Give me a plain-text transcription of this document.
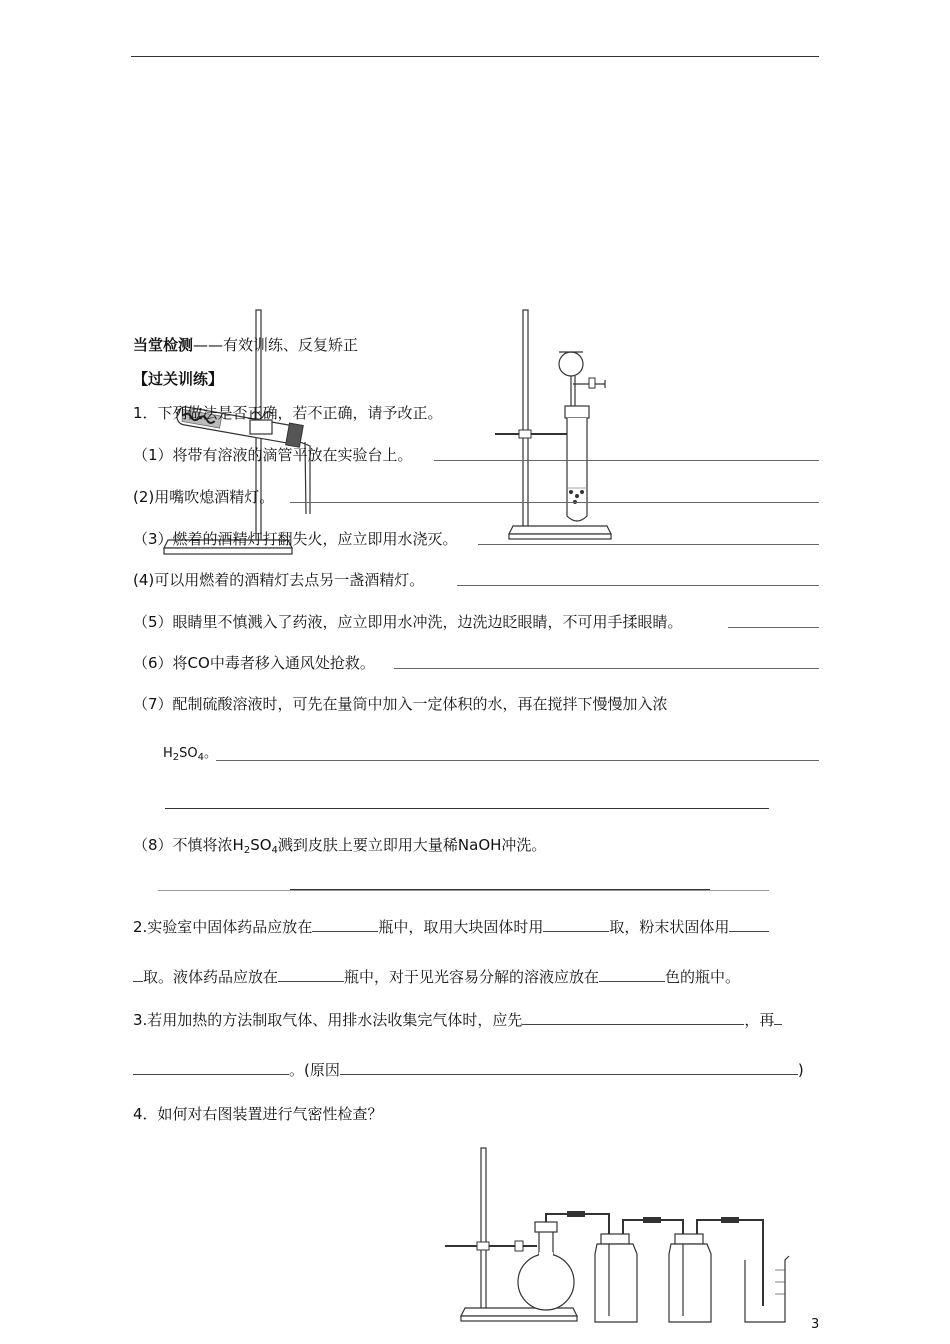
当堂检测——有效训练、反复矫正
【过关训练】
1．下列做法是否正确，若不正确，请予改正。
（1）将带有溶液的滴管平放在实验台上。
(2)用嘴吹熄酒精灯。
（3）燃着的酒精灯打翻失火，应立即用水浇灭。
(4)可以用燃着的酒精灯去点另一盏酒精灯。
（5）眼睛里不慎溅入了药液，应立即用水冲洗，边洗边眨眼睛，不可用手揉眼睛。
（6）将CO中毒者移入通风处抢救。
（7）配制硫酸溶液时，可先在量筒中加入一定体积的水，再在搅拌下慢慢加入浓
$H_2SO_4$。
（8）不慎将浓$H_2SO_4$溅到皮肤上要立即用大量稀NaOH冲洗。
2.实验室中固体药品应放在	瓶中，取用大块固体时用	取，粉末状固体用
取。液体药品应放在	瓶中，对于见光容易分解的溶液应放在	色的瓶中。
3.若用加热的方法制取气体、用排水法收集完气体时，应先	，再
。(原因	)
4．如何对右图装置进行气密性检查？
3
